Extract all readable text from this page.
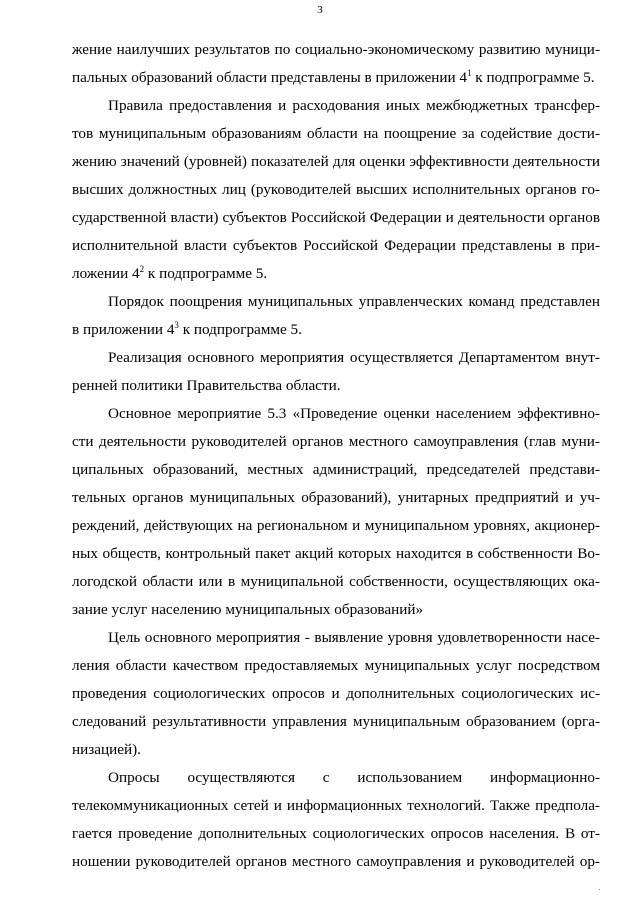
3
жение наилучших результатов по социально-экономическому развитию муници-
пальных образований области представлены в приложении $4^1$ к подпрограмме 5.
Правила предоставления и расходования иных межбюджетных трансфер-
тов муниципальным образованиям области на поощрение за содействие дости-
жению значений (уровней) показателей для оценки эффективности деятельности
высших должностных лиц (руководителей высших исполнительных органов го-
сударственной власти) субъектов Российской Федерации и деятельности органов
исполнительной власти субъектов Российской Федерации представлены в при-
ложении $4^2$ к подпрограмме 5.
Порядок поощрения муниципальных управленческих команд представлен
в приложении $4^3$ к подпрограмме 5.
Реализация основного мероприятия осуществляется Департаментом внут-
ренней политики Правительства области.
Основное мероприятие 5.3 «Проведение оценки населением эффективно-
сти деятельности руководителей органов местного самоуправления (глав муни-
ципальных образований, местных администраций, председателей представи-
тельных органов муниципальных образований), унитарных предприятий и уч-
реждений, действующих на региональном и муниципальном уровнях, акционер-
ных обществ, контрольный пакет акций которых находится в собственности Во-
логодской области или в муниципальной собственности, осуществляющих ока-
зание услуг населению муниципальных образований»
Цель основного мероприятия - выявление уровня удовлетворенности насе-
ления области качеством предоставляемых муниципальных услуг посредством
проведения социологических опросов и дополнительных социологических ис-
следований результативности управления муниципальным образованием (орга-
низацией).
Опросы осуществляются с использованием информационно-
телекоммуникационных сетей и информационных технологий. Также предпола-
гается проведение дополнительных социологических опросов населения. В от-
ношении руководителей органов местного самоуправления и руководителей ор-
